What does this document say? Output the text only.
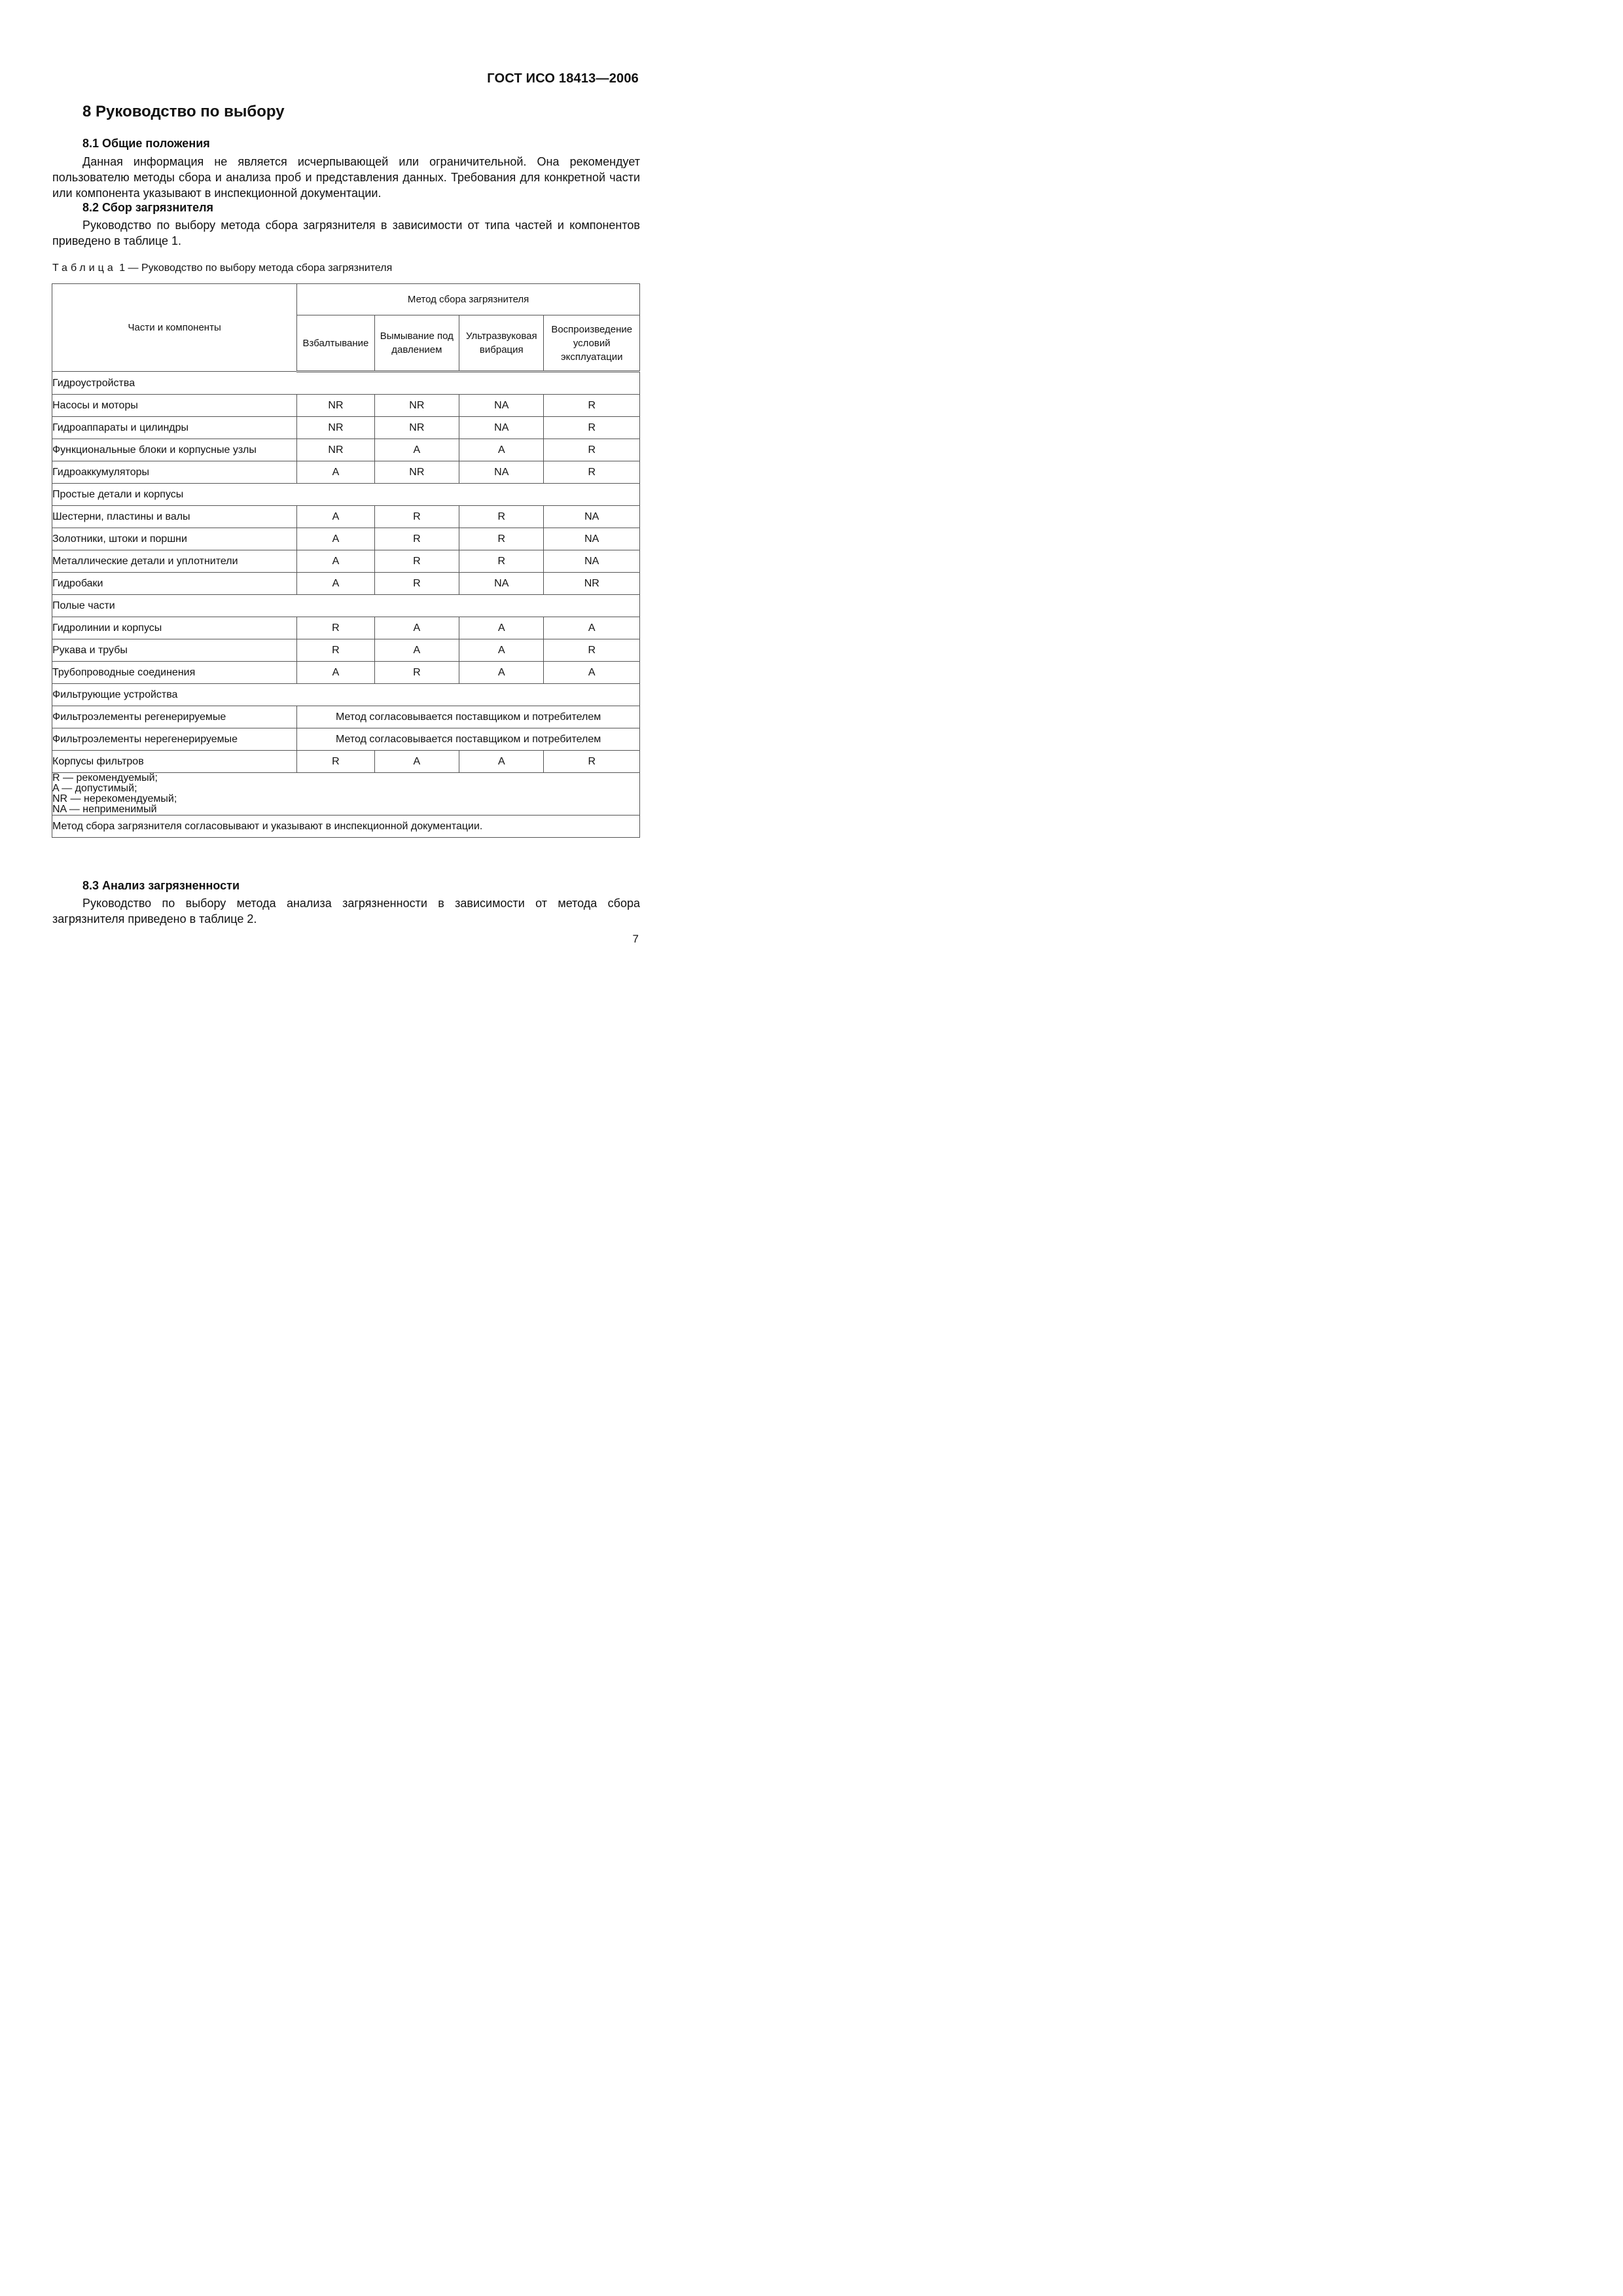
ГОСТ ИСО 18413—2006
8 Руководство по выбору
8.1 Общие положения
Данная информация не является исчерпывающей или ограничительной. Она рекомендует пользователю методы сбора и анализа проб и представления данных. Требования для конкретной части или компонента указывают в инспекционной документации.
8.2 Сбор загрязнителя
Руководство по выбору метода сбора загрязнителя в зависимости от типа частей и компонентов приведено в таблице 1.
Таблица 1 — Руководство по выбору метода сбора загрязнителя
Части и компоненты	Метод сбора загрязнителя			
	Взбалтывание	Вымывание под давлением	Ультразвуковая вибрация	Воспроизведение условий эксплуатации
Гидроустройства				
Насосы и моторы	NR	NR	NA	R
Гидроаппараты и цилиндры	NR	NR	NA	R
Функциональные блоки и корпусные узлы	NR	A	A	R
Гидроаккумуляторы	A	NR	NA	R
Простые детали и корпусы				
Шестерни, пластины и валы	A	R	R	NA
Золотники, штоки и поршни	A	R	R	NA
Металлические детали и уплотнители	A	R	R	NA
Гидробаки	A	R	NA	NR
Полые части				
Гидролинии и корпусы	R	A	A	A
Рукава и трубы	R	A	A	R
Трубопроводные соединения	A	R	A	A
Фильтрующие устройства				
Фильтроэлементы регенерируемые	Метод согласовывается поставщиком и потребителем			
Фильтроэлементы нерегенерируемые	Метод согласовывается поставщиком и потребителем			
Корпусы фильтров	R	A	A	R

R — рекомендуемый;
A — допустимый;
NR — нерекомендуемый;
NA — неприменимый				

Метод сбора загрязнителя согласовывают и указывают в инспекционной документации.				
8.3 Анализ загрязненности
Руководство по выбору метода анализа загрязненности в зависимости от метода сбора загрязнителя приведено в таблице 2.
7
